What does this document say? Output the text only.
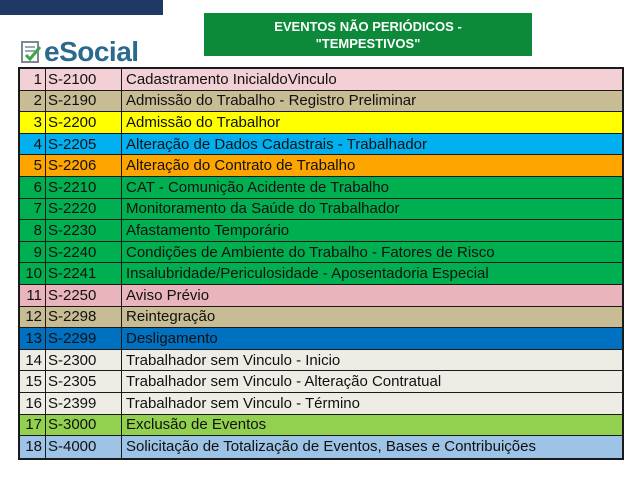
EVENTOS NÃO PERIÓDICOS -
"TEMPESTIVOS"
eSocial
1 S-2100	Cadastramento InicialdoVinculo
2 S-2190	Admissão do Trabalho - Registro Preliminar
3 S-2200	Admissão do Trabalhor
4 S-2205	Alteração de Dados Cadastrais - Trabalhador
5 S-2206	Alteração do Contrato de Trabalho
6 S-2210	CAT - Comunição Acidente de Trabalho
7 S-2220	Monitoramento da Saúde do Trabalhador
8 S-2230	Afastamento Temporário
9 S-2240	Condições de Ambiente do Trabalho - Fatores de Risco
10 S-2241	Insalubridade/Periculosidade - Aposentadoria Especial
11 S-2250	Aviso Prévio
12 S-2298	Reintegração
13 S-2299	Desligamento
14 S-2300	Trabalhador sem Vinculo - Inicio
15 S-2305	Trabalhador sem Vinculo - Alteração Contratual
16 S-2399	Trabalhador sem Vinculo - Término
17 S-3000	Exclusão de Eventos
18 S-4000	Solicitação de Totalização de Eventos, Bases e Contribuições
